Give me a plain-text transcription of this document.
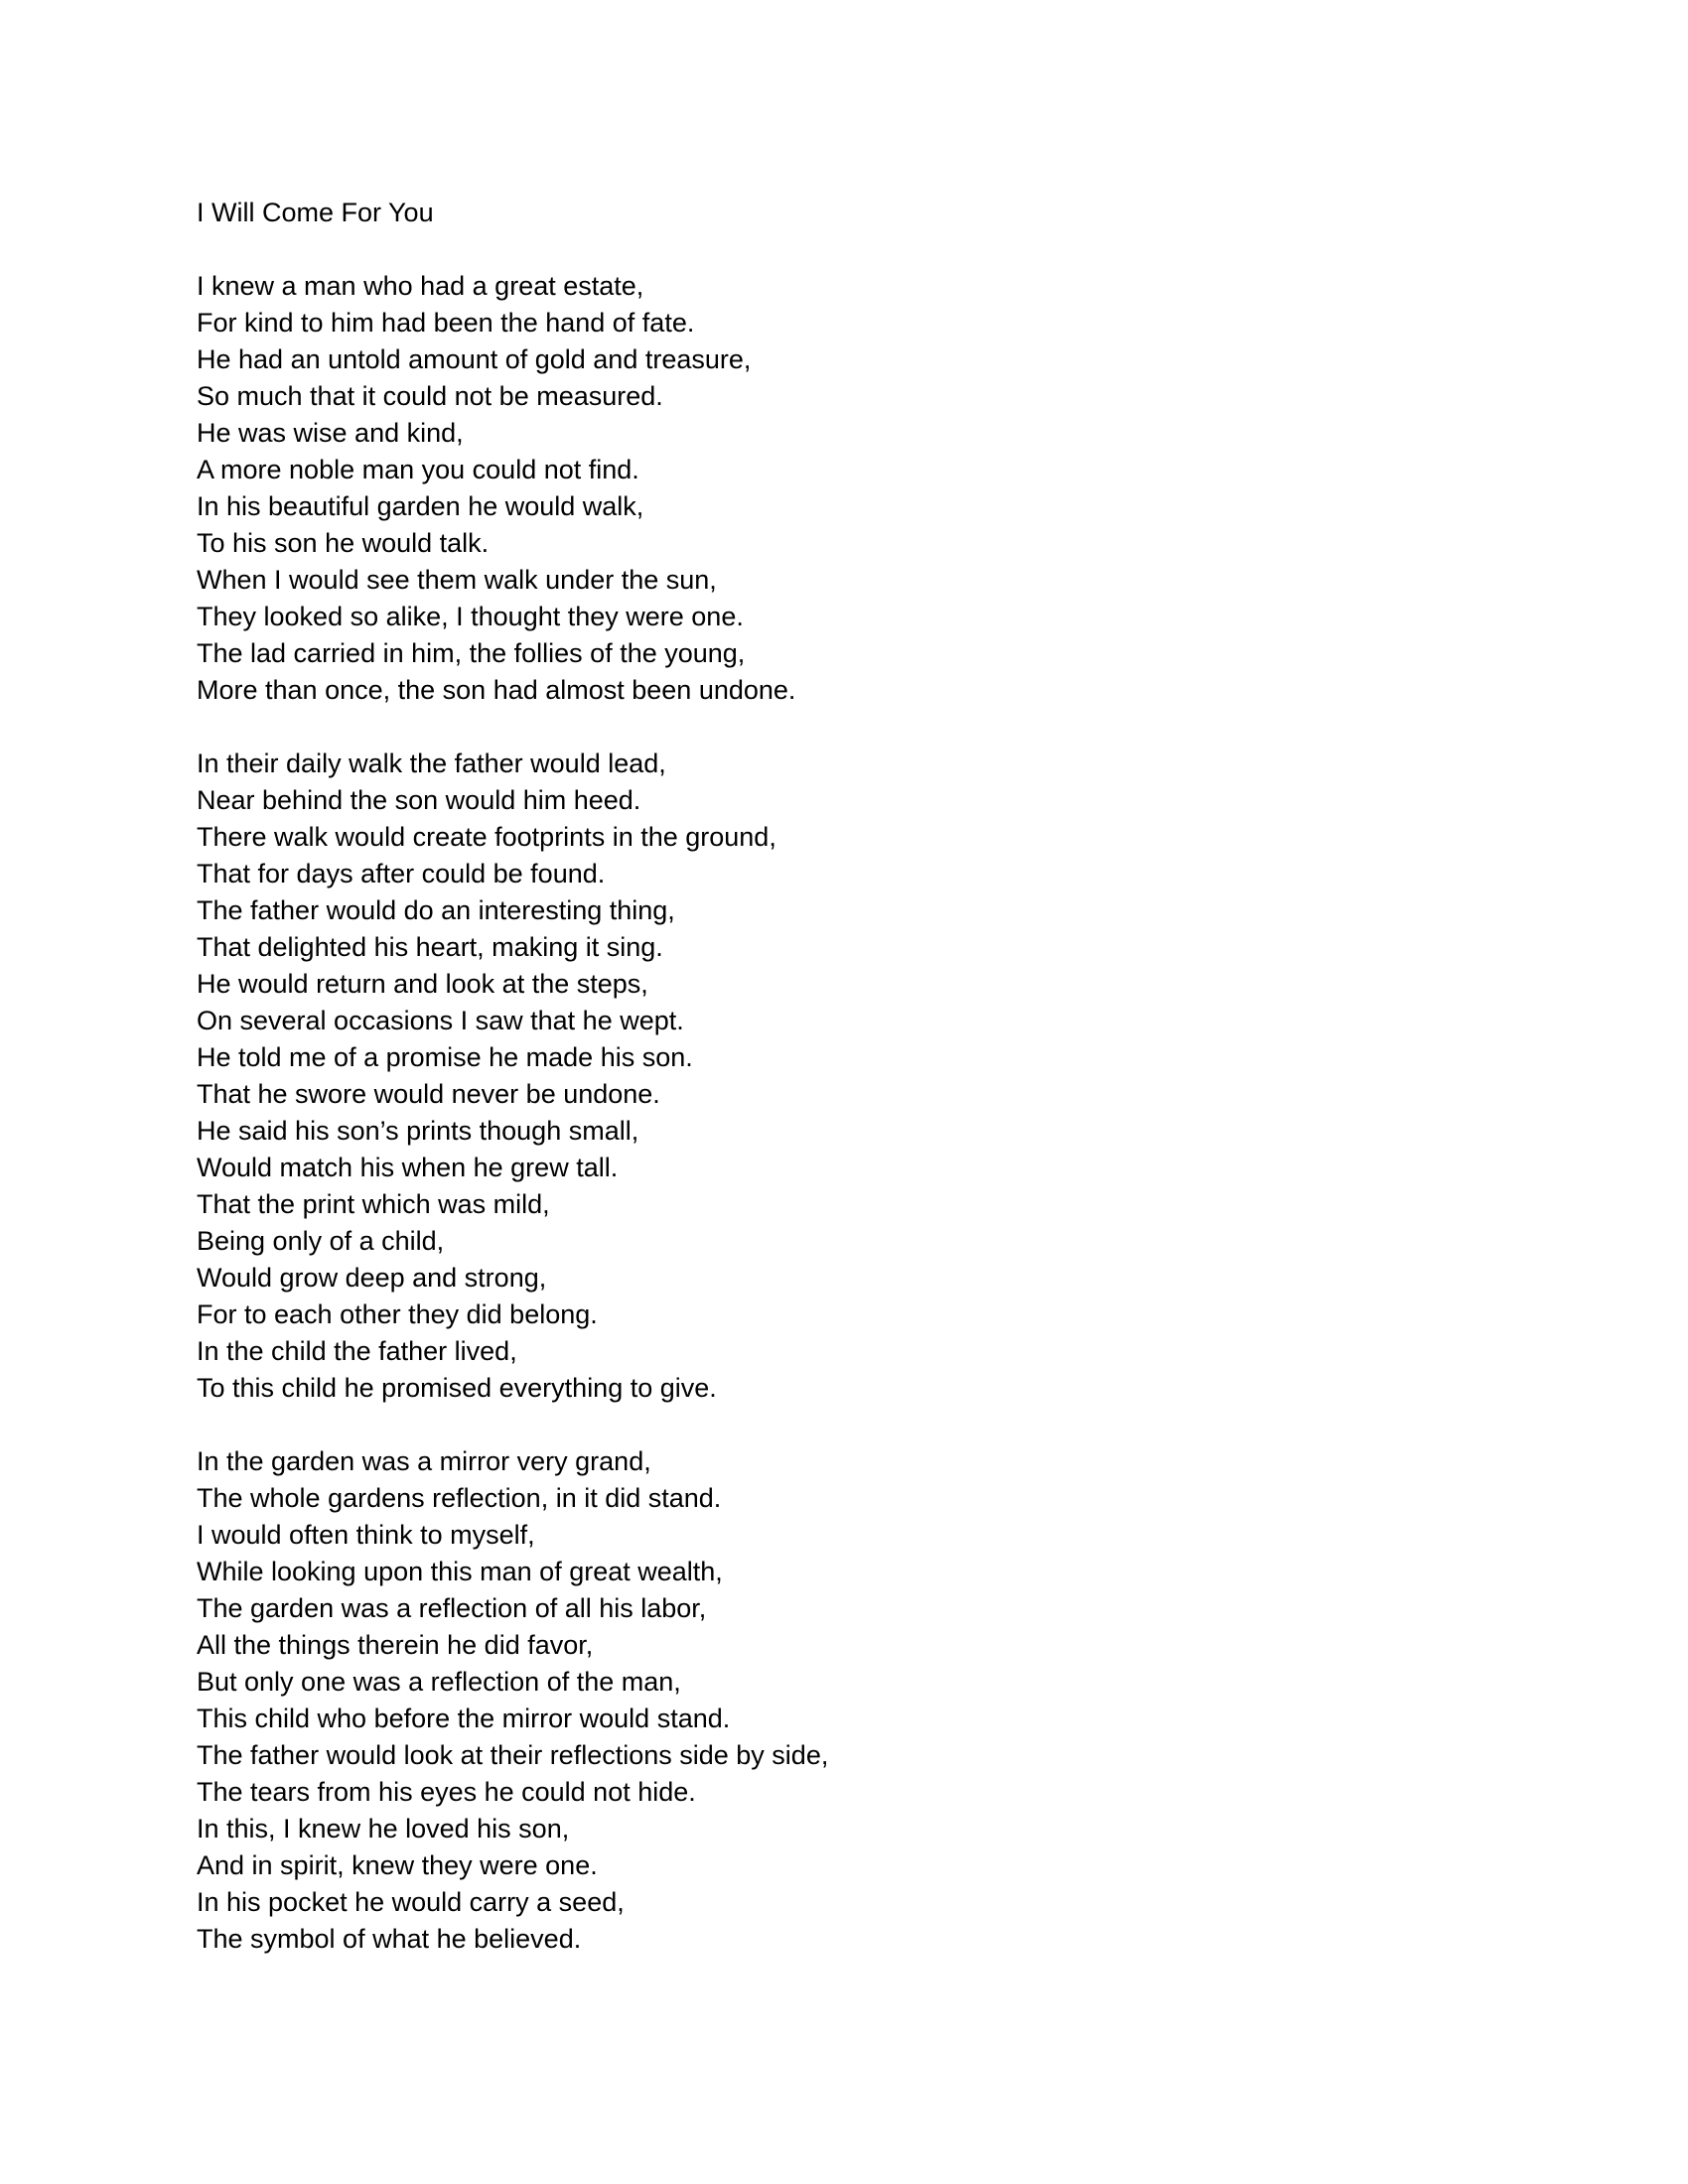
I Will Come For You
I knew a man who had a great estate,
For kind to him had been the hand of fate.
He had an untold amount of gold and treasure,
So much that it could not be measured.
He was wise and kind,
A more noble man you could not find.
In his beautiful garden he would walk,
To his son he would talk.
When I would see them walk under the sun,
They looked so alike, I thought they were one.
The lad carried in him, the follies of the young,
More than once, the son had almost been undone.
In their daily walk the father would lead,
Near behind the son would him heed.
There walk would create footprints in the ground,
That for days after could be found.
The father would do an interesting thing,
That delighted his heart, making it sing.
He would return and look at the steps,
On several occasions I saw that he wept.
He told me of a promise he made his son.
That he swore would never be undone.
He said his son’s prints though small,
Would match his when he grew tall.
That the print which was mild,
Being only of a child,
Would grow deep and strong,
For to each other they did belong.
In the child the father lived,
To this child he promised everything to give.
In the garden was a mirror very grand,
The whole gardens reflection, in it did stand.
I would often think to myself,
While looking upon this man of great wealth,
The garden was a reflection of all his labor,
All the things therein he did favor,
But only one was a reflection of the man,
This child who before the mirror would stand.
The father would look at their reflections side by side,
The tears from his eyes he could not hide.
In this, I knew he loved his son,
And in spirit, knew they were one.
In his pocket he would carry a seed,
The symbol of what he believed.
